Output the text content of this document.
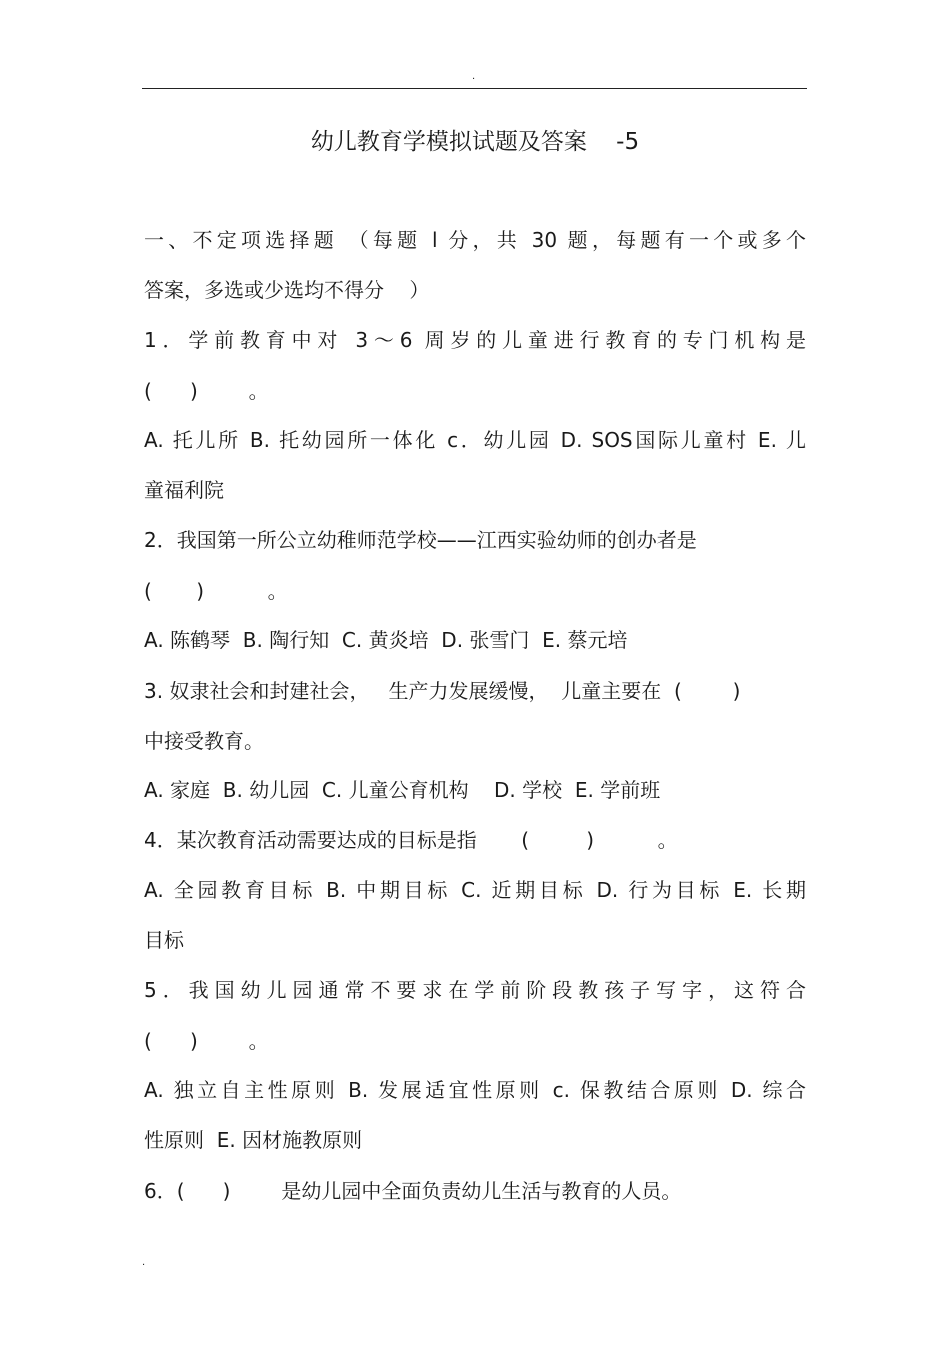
.
幼儿教育学模拟试题及答案    -5
一、不定项选择题 （每题 l 分，共 30 题，每题有一个或多个
答案，多选或少选均不得分    ）
1．学前教育中对 3～6 周岁的儿童进行教育的专门机构是
(      )        。
A. 托儿所 B. 托幼园所一体化 c．幼儿园 D. SOS国际儿童村 E. 儿
童福利院
2．我国第一所公立幼稚师范学校——江西实验幼师的创办者是
(       )          。
A. 陈鹤琴  B. 陶行知  C. 黄炎培  D. 张雪门  E. 蔡元培
3. 奴隶社会和封建社会，   生产力发展缓慢，  儿童主要在  (        )
中接受教育。
A. 家庭  B. 幼儿园  C. 儿童公育机构    D. 学校  E. 学前班
4．某次教育活动需要达成的目标是指       (         )          。
A. 全园教育目标 B. 中期目标 C. 近期目标 D. 行为目标 E. 长期
目标
5．我国幼儿园通常不要求在学前阶段教孩子写字，这符合
(      )        。
A. 独立自主性原则 B. 发展适宜性原则 c. 保教结合原则 D. 综合
性原则  E. 因材施教原则
6．(      )        是幼儿园中全面负责幼儿生活与教育的人员。
.
